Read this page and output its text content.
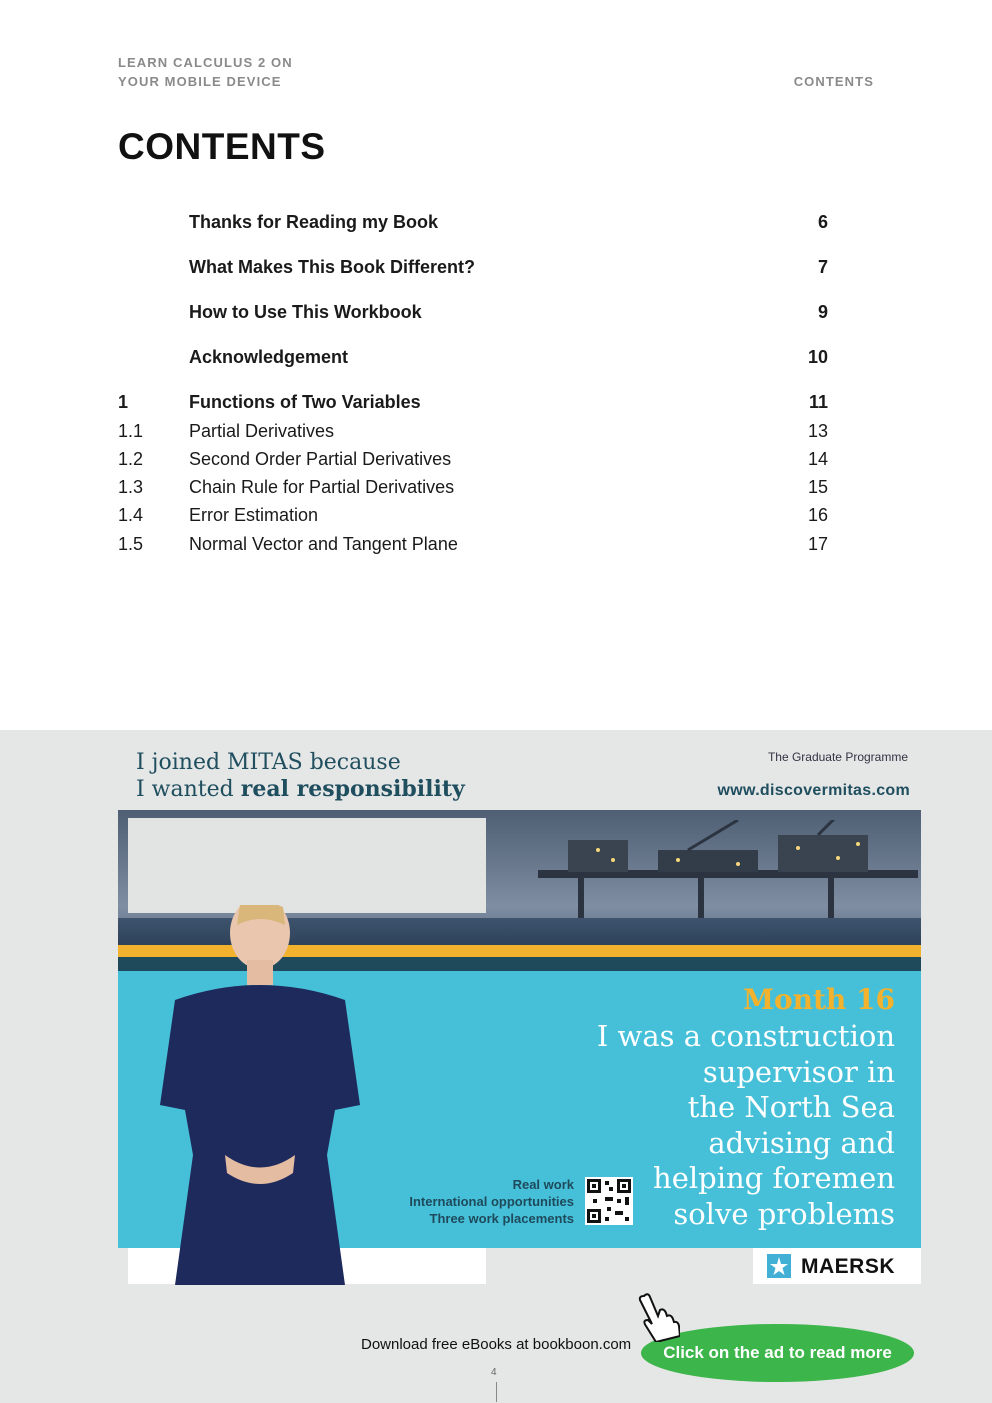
LEARN CALCULUS 2 ON
YOUR MOBILE DEVICE	CONTENTS
CONTENTS
Thanks for Reading my Book	6
What Makes This Book Different?	7
How to Use This Workbook	9
Acknowledgement	10
1	Functions of Two Variables	11
1.1	Partial Derivatives	13
1.2	Second Order Partial Derivatives	14
1.3	Chain Rule for Partial Derivatives	15
1.4	Error Estimation	16
1.5	Normal Vector and Tangent Plane	17
I joined MITAS because
I wanted real responsibility
The Graduate Programme
www.discovermitas.com
Month 16
I was a construction
supervisor in
the North Sea
advising and
helping foremen
solve problems
Real work
International opportunities
Three work placements
MAERSK
Download free eBooks at bookboon.com	Click on the ad to read more
4
